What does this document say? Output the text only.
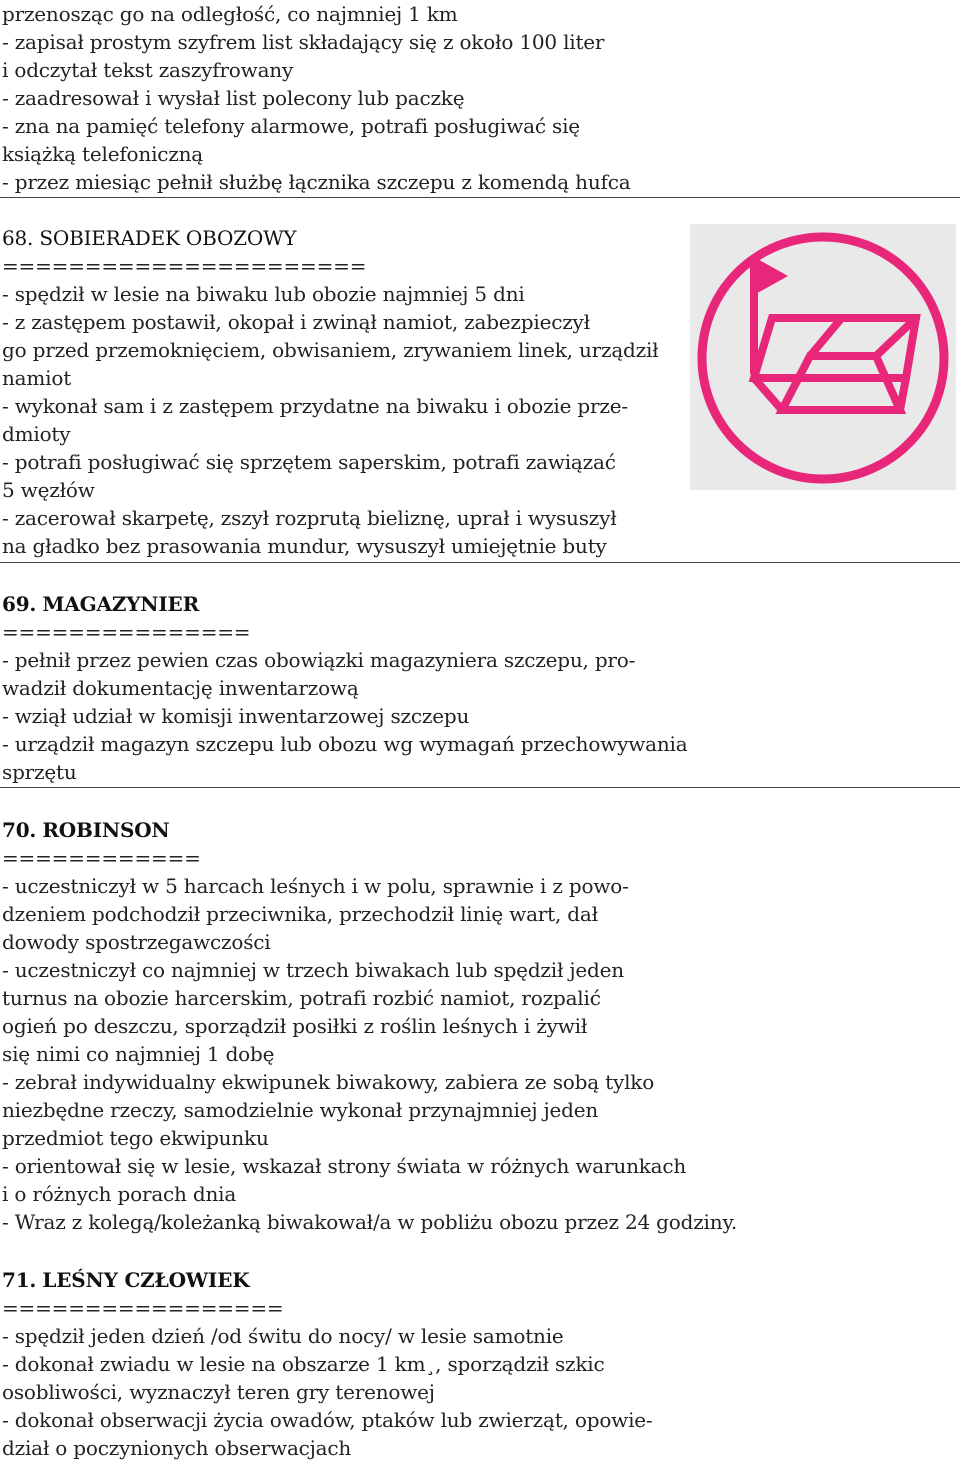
przenosząc go na odległość, co najmniej 1 km
- zapisał prostym szyfrem list składający się z około 100 liter
i odczytał tekst zaszyfrowany
- zaadresował i wysłał list polecony lub paczkę
- zna na pamięć telefony alarmowe, potrafi posługiwać się
książką telefoniczną
- przez miesiąc pełnił służbę łącznika szczepu z komendą hufca
68. SOBIERADEK OBOZOWY
======================
- spędził w lesie na biwaku lub obozie najmniej 5 dni
- z zastępem postawił, okopał i zwinął namiot, zabezpieczył
go przed przemoknięciem, obwisaniem, zrywaniem linek, urządził
namiot
- wykonał sam i z zastępem przydatne na biwaku i obozie prze-
dmioty
- potrafi posługiwać się sprzętem saperskim, potrafi zawiązać
5 węzłów
- zacerował skarpetę, zszył rozprutą bieliznę, uprał i wysuszył
na gładko bez prasowania mundur, wysuszył umiejętnie buty
69. MAGAZYNIER
===============
- pełnił przez pewien czas obowiązki magazyniera szczepu, pro-
wadził dokumentację inwentarzową
- wziął udział w komisji inwentarzowej szczepu
- urządził magazyn szczepu lub obozu wg wymagań przechowywania
sprzętu
70. ROBINSON
============
- uczestniczył w 5 harcach leśnych i w polu, sprawnie i z powo-
dzeniem podchodził przeciwnika, przechodził linię wart, dał
dowody spostrzegawczości
- uczestniczył co najmniej w trzech biwakach lub spędził jeden
turnus na obozie harcerskim, potrafi rozbić namiot, rozpalić
ogień po deszczu, sporządził posiłki z roślin leśnych i żywił
się nimi co najmniej 1 dobę
- zebrał indywidualny ekwipunek biwakowy, zabiera ze sobą tylko
niezbędne rzeczy, samodzielnie wykonał przynajmniej jeden
przedmiot tego ekwipunku
- orientował się w lesie, wskazał strony świata w różnych warunkach
i o różnych porach dnia
- Wraz z kolegą/koleżanką biwakował/a w pobliżu obozu przez 24 godziny.
71. LEŚNY CZŁOWIEK
=================
- spędził jeden dzień /od świtu do nocy/ w lesie samotnie
- dokonał zwiadu w lesie na obszarze 1 km¸, sporządził szkic
osobliwości, wyznaczył teren gry terenowej
- dokonał obserwacji życia owadów, ptaków lub zwierząt, opowie-
dział o poczynionych obserwacjach
